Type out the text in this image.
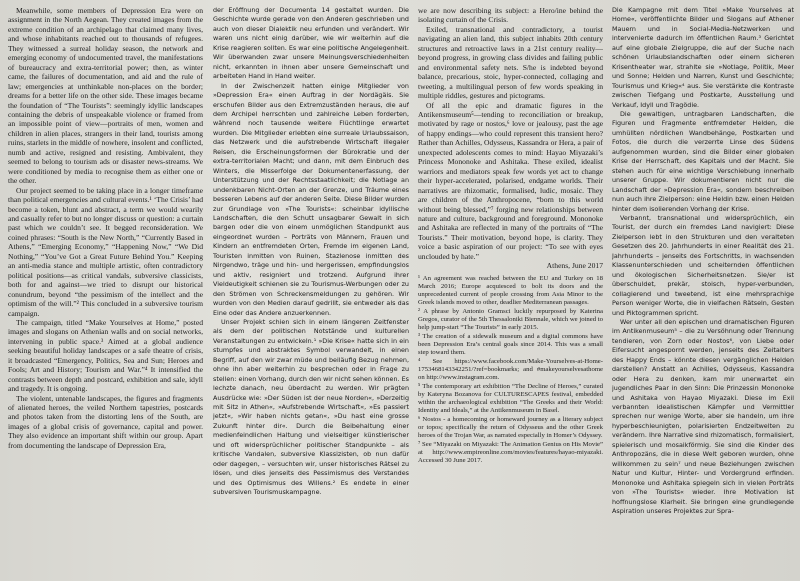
Meanwhile, some members of Depression Era were on assignment in the North Aegean. They created images from the extreme condition of an archipelago that claimed many lives, and whose inhabitants reached out to thousands of refugees. They witnessed a surreal holiday season, the network and emerging economy of undocumented travel, the manifestations of bureaucracy and extra-territorial power; then, as winter came, the failures of documentation, and aid and the rule of law; emergencies at unthinkable non-places on the border; dreams for a better life on the other side. These images became the foundation of “The Tourists”: seemingly idyllic landscapes containing the debris of unspeakable violence or framed from an impossible point of view—portraits of men, women and children in alien places, strangers in their land, tourists among ruins, starlets in the middle of nowhere, insolent and conflicted, numb and active, resigned and resisting. Ambivalent, they seemed to belong to tourism ads or disaster news-streams. We were conditioned by media to recognise them as either one or the other.

Our project seemed to be taking place in a longer timeframe than political emergencies and cultural events.¹ ‘The Crisis’ had become a token, blunt and abstract, a term we would wearily and casually refer to but no longer discuss or question: a curtain past which we couldn’t see. It begged reconsideration. We coined phrases: “South is the New North,” “Currently Based in Athens,” “Emerging Economy,” “Happening Now,” “We Did Nothing,” “You’ve Got a Great Future Behind You.” Keeping an anti-media stance and multiple artistic, often contradictory political positions—as critical vandals, subversive classicists, both for and against—we tried to disrupt our historical conundrum, beyond “the pessimism of the intellect and the optimism of the will.”² This concluded in a subversive tourism campaign.

The campaign, titled “Make Yourselves at Home,” posted images and slogans on Athenian walls and on social networks, intervening in public space.³ Aimed at a global audience seeking beautiful holiday landscapes or a safe theatre of crisis, it broadcasted “Emergency, Politics, Sea and Sun; Heroes and Fools; Art and History; Tourism and War.”⁴ It intensified the contrasts between depth and postcard, exhibition and sale, idyll and tragedy. It is ongoing.

The violent, untenable landscapes, the figures and fragments of alienated heroes, the veiled Northern tapestries, postcards and photos taken from the distorting lens of the South, are images of a global crisis of governance, capital and power. They also evidence an important shift within our group. Apart from documenting the landscape of Depression Era,

der Eröffnung der Documenta 14 gestaltet wurden. Die Geschichte wurde gerade von den Anderen geschrieben und auch von dieser Dialektik neu erfunden und verändert. Wir waren uns nicht einig darüber, wie wir weiterhin auf die Krise reagieren sollten. Es war eine politische Angelegenheit. Wir überwanden zwar unsere Meinungsverschiedenheiten nicht, erkannten in ihnen aber unsere Gemeinschaft und arbeiteten Hand in Hand weiter.

In der Zwischenzeit hatten einige Mitglieder von »Depression Era« einen Auftrag in der Nordägäis. Sie erschufen Bilder aus den Extremzuständen heraus, die auf dem Archipel herrschten und zahlreiche Leben forderten, während noch tausende weitere Flüchtlinge erwartet wurden. Die Mitglieder erlebten eine surreale Urlaubssaison, das Netzwerk und die aufstrebende Wirtschaft illegaler Reisen, die Erscheinungsformen der Bürokratie und der extra-territorialen Macht; und dann, mit dem Einbruch des Winters, die Misserfolge der Dokumentenerfassung, der Unterstützung und der Rechtsstaatlichkeit; die Notlage an undenkbaren Nicht-Orten an der Grenze, und Träume eines besseren Lebens auf der anderen Seite. Diese Bilder wurden zur Grundlage von »The Tourists«: scheinbar idyllische Landschaften, die den Schutt unsagbarer Gewalt in sich bargen oder die von einem unmöglichen Standpunkt aus eingeordnet wurden – Porträts von Männern, Frauen und Kindern an entfremdeten Orten, Fremde im eigenen Land, Touristen inmitten von Ruinen, Stazlenose inmitten des Nirgendwo, träge und hin- und hergerissen, empfindungslos und aktiv, resigniert und trotzend. Aufgrund ihrer Vieldeutigkeit schienen sie zu Tourismus-Werbungen oder zu den Strömen von Schreckensmeldungen zu gehören. Wir wurden von den Medien darauf gedrillt, sie entweder als das Eine oder das Andere anzuerkennen.

Unser Projekt schien sich in einem längeren Zeitfenster als dem der politischen Notstände und kulturellen Veranstaltungen zu entwickeln.¹ »Die Krise« hatte sich in ein stumpfes und abstraktes Symbol verwandelt, in einen Begriff, auf den wir zwar müde und beiläufig Bezug nehmen, ohne ihn aber weiterhin zu besprechen oder in Frage zu stellen: einen Vorhang, durch den wir nicht sehen können. Es lechzte danach, neu überdacht zu werden. Wir prägten Ausdrücke wie: »Der Süden ist der neue Norden«, »Derzeitig mit Sitz in Athen«, »Aufstrebende Wirtschaft«, »Es passiert jetzt«, »Wir haben nichts getan«, »Du hast eine grosse Zukunft hinter dir«. Durch die Beibehaltung einer medienfeindlichen Haltung und vielseitiger künstlerischer und oft widersprüchlicher politischer Standpunkte – als kritische Vandalen, subversive Klassizisten, ob nun dafür oder dagegen, – versuchten wir, unser historisches Rätsel zu lösen, und dies jenseits des Pessimismus des Verstandes und des Optimismus des Willens.² Es endete in einer subversiven Tourismuskampagne.

we are now describing its subject: a Hero/ine behind the isolating curtain of the Crisis.

Exiled, transnational and contradictory, a tourist navigating an alien land, this subject inhabits 20th century structures and retroactive laws in a 21st century reality—beyond progress, in growing class divides and failing public and environmental safety nets. S/he is indebted beyond balance, precarious, stoic, hyper-connected, collaging and tweeting, a multilingual person of few words speaking in multiple riddles, gestures and pictograms.

Of all the epic and dramatic figures in the Antikensmuseum⁵—tending to reconciliation or breakup, motivated by rage or nostos,⁶ love or jealousy, past the age of happy endings—who could represent this transient hero? Rather than Achilles, Odysseus, Kassandra or Hera, a pair of unexpected adolescents comes to mind: Hayao Miyazaki’s Princess Mononoke and Ashitaka. These exiled, idealist warriors and mediators speak few words yet act to change their hyper-accelerated, polarised, endgame worlds. Their narratives are rhizomatic, formalised, ludic, mosaic. They are children of the Anthropocene, “born to this world without being blessed,”⁷ forging new relationships between nature and culture, background and foreground. Mononoke and Ashitaka are reflected in many of the portraits of “The Tourists.” Their motivation, beyond hope, is clarity. They voice a basic aspiration of our project: “To see with eyes unclouded by hate.”

Athens, June 2017

¹ An agreement was reached between the EU and Turkey on 18 March 2016; Europe acquiesced to bolt its doors and the unprecedented current of people crossing from Asia Minor to the Greek islands moved to other, deadlier Mediterranean passages.

² A phrase by Antonio Gramsci luckily repurposed by Katerina Gregos, curator of the 5th Thessaloniki Biennale, which we joined to help jump-start “The Tourists” in early 2015.

³ The creation of a sidewalk museum and a digital commons have been Depression Era’s central goals since 2014. This was a small step toward them.

⁴ See https://www.facebook.com/Make-Yourselves-at-Home-1753468143342251/?ref=bookmarks; and #makeyourselvesathome on http://www.instagram.com.

⁵ The contemporary art exhibition “The Decline of Heroes,” curated by Katerynа Bozanova for CULTURESCAPES festival, embedded within the archaeological exhibition “The Greeks and their World: Identity and Ideals,” at the Antikenmuseum in Basel.

⁶ Nostos - a homecoming or homeward journey as a literary subject or topos; specifically the return of Odysseus and the other Greek heroes of the Trojan War, as narrated especially in Homer’s Odyssey.

⁷ See “Miyazaki on Miyazaki: The Animation Genius on His Movie” at http://www.empireonline.com/movies/features/hayao-miyazaki. Accessed 30 June 2017.

Die Kampagne mit dem Titel »Make Yourselves at Home«, veröffentlichte Bilder und Slogans auf Athener Mauern und in Social-Media-Netzwerken und intervenierte dadurch im öffentlichen Raum.³ Gerichtet auf eine globale Zielgruppe, die auf der Suche nach schönen Urlaubslandschaften oder einem sicheren Krisentheater war, strahlte sie »Notlage, Politik, Meer und Sonne; Helden und Narren, Kunst und Geschichte; Tourismus und Krieg«⁴ aus. Sie verstärkte die Kontraste zwischen Tiefgang und Postkarte, Ausstellung und Verkauf, Idyll und Tragödie.

Die gewaltigen, untragbaren Landschaften, die Figuren und Fragmente entfremdeter Helden, die umhüllten nördlichen Wandbehänge, Postkarten und Fotos, die durch die verzerrte Linse des Südens aufgenommen wurden, sind die Bilder einer globalen Krise der Herrschaft, des Kapitals und der Macht. Sie stehen auch für eine wichtige Verschiebung innerhalb unserer Gruppe. Wir dokumentieren nicht nur die Landschaft der »Depression Era«, sondern beschreiben nun auch ihre Zielperson: eine Heldin bzw. einen Helden hinter dem isolierenden Vorhang der Krise.

Verbannt, transnational und widersprüchlich, ein Tourist, der durch ein fremdes Land navigiert: Diese Zielperson lebt in den Strukturen und den veralteten Gesetzen des 20. Jahrhunderts in einer Realität des 21. Jahrhunderts – jenseits des Fortschritts, in wachsenden Klassenunterschieden und scheiternden öffentlichen und ökologischen Sicherheitsnetzen. Sie/er ist überschuldet, prekär, stoisch, hyper-verbunden, collagierend und tweetend, ist eine mehrsprachige Person weniger Worte, die in vielfachen Rätseln, Gesten und Piktogrammen spricht.

Wer unter all den epischen und dramatischen Figuren im Antikenmuseum⁵ – die zu Versöhnung oder Trennung tendieren, von Zorn oder Nostos⁶, von Liebe oder Eifersucht angespornt werden, jenseits des Zeitalters des Happy Ends – könnte diesen vergänglichen Helden darstellen? Anstatt an Achilles, Odysseus, Kassandra oder Hera zu denken, kam mir unerwartet ein jugendliches Paar in den Sinn: Die Prinzessin Mononoke und Ashitaka von Hayao Miyazaki. Diese im Exil verbannten idealistischen Kämpfer und Vermittler sprechen nur wenige Worte, aber sie handeln, um ihre hyperbeschleunigten, polarisierten Endzeitwelten zu verändern. Ihre Narrative sind rhizomatisch, formalisiert, spielerisch und mosaikförmig. Sie sind die Kinder des Anthropozäns, die in diese Welt geboren wurden, ohne willkommen zu sein⁷ und neue Beziehungen zwischen Natur und Kultur, Hinter- und Vordergrund erfinden. Mononoke und Ashitaka spiegeln sich in vielen Porträts von »The Tourists« wieder. Ihre Motivation ist hoffnungslose Klarheit. Sie bringen eine grundlegende Aspiration unseres Projektes zur Spra-
